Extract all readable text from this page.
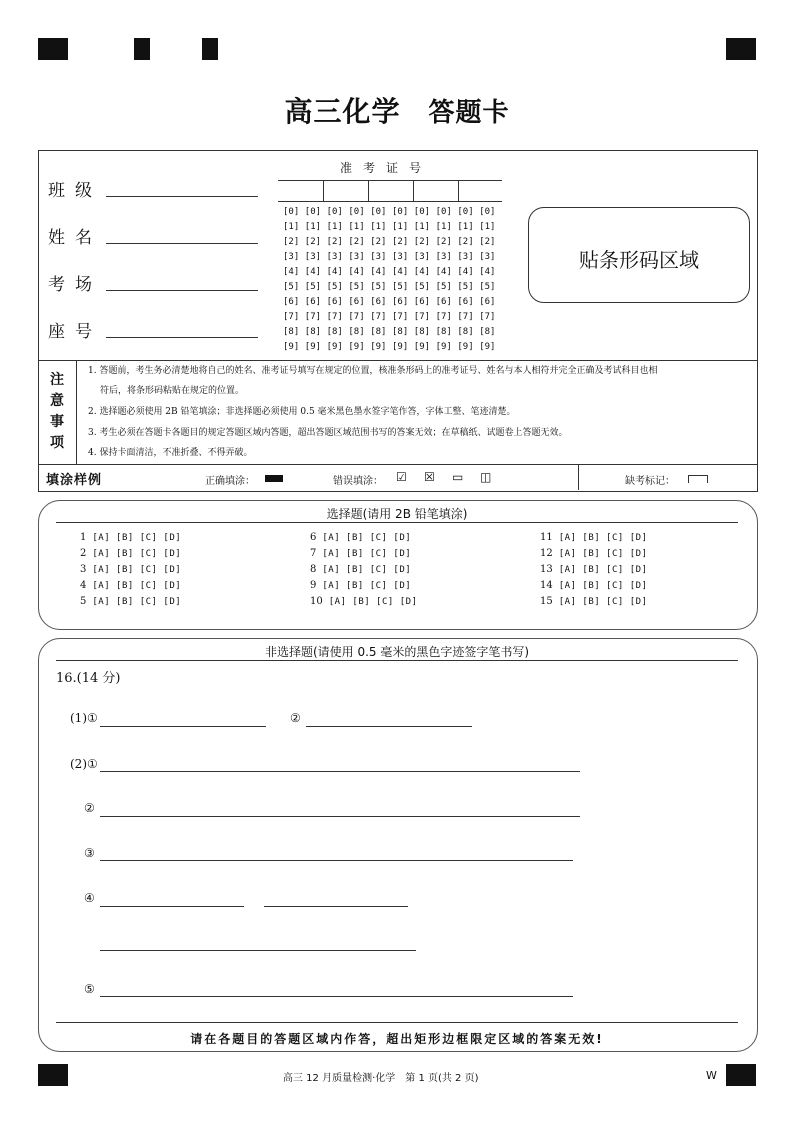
高三化学 答题卡
班级
姓名
考场
座号
准考证号
[0] [0] [0] [0] [0] [0] [0] [0] [0] [0]
[1] [1] [1] [1] [1] [1] [1] [1] [1] [1]
[2] [2] [2] [2] [2] [2] [2] [2] [2] [2]
[3] [3] [3] [3] [3] [3] [3] [3] [3] [3]
[4] [4] [4] [4] [4] [4] [4] [4] [4] [4]
[5] [5] [5] [5] [5] [5] [5] [5] [5] [5]
[6] [6] [6] [6] [6] [6] [6] [6] [6] [6]
[7] [7] [7] [7] [7] [7] [7] [7] [7] [7]
[8] [8] [8] [8] [8] [8] [8] [8] [8] [8]
[9] [9] [9] [9] [9] [9] [9] [9] [9] [9]
贴条形码区域
注
意
事
项
1. 答题前，考生务必清楚地将自己的姓名、准考证号填写在规定的位置，核准条形码上的准考证号、姓名与本人相符并完全正确及考试科目也相
符后，将条形码粘贴在规定的位置。
2. 选择题必须使用 2B 铅笔填涂；非选择题必须使用 0.5 毫米黑色墨水签字笔作答，字体工整、笔迹清楚。
3. 考生必须在答题卡各题目的规定答题区域内答题，超出答题区域范围书写的答案无效；在草稿纸、试题卷上答题无效。
4. 保持卡面清洁，不准折叠、不得弄破。
填涂样例	正确填涂：	错误填涂： ☑ ☒ ▭ ◫	缺考标记：
选择题(请用 2B 铅笔填涂)
1 [A] [B] [C] [D]
2 [A] [B] [C] [D]
3 [A] [B] [C] [D]
4 [A] [B] [C] [D]
5 [A] [B] [C] [D]
6 [A] [B] [C] [D]
7 [A] [B] [C] [D]
8 [A] [B] [C] [D]
9 [A] [B] [C] [D]
10 [A] [B] [C] [D]
11 [A] [B] [C] [D]
12 [A] [B] [C] [D]
13 [A] [B] [C] [D]
14 [A] [B] [C] [D]
15 [A] [B] [C] [D]
非选择题(请使用 0.5 毫米的黑色字迹签字笔书写)
16.(14 分)
(1)①	②
(2)①
②
③
④
⑤
请在各题目的答题区域内作答，超出矩形边框限定区域的答案无效!
高三 12 月质量检测·化学　第 1 页(共 2 页)	W
